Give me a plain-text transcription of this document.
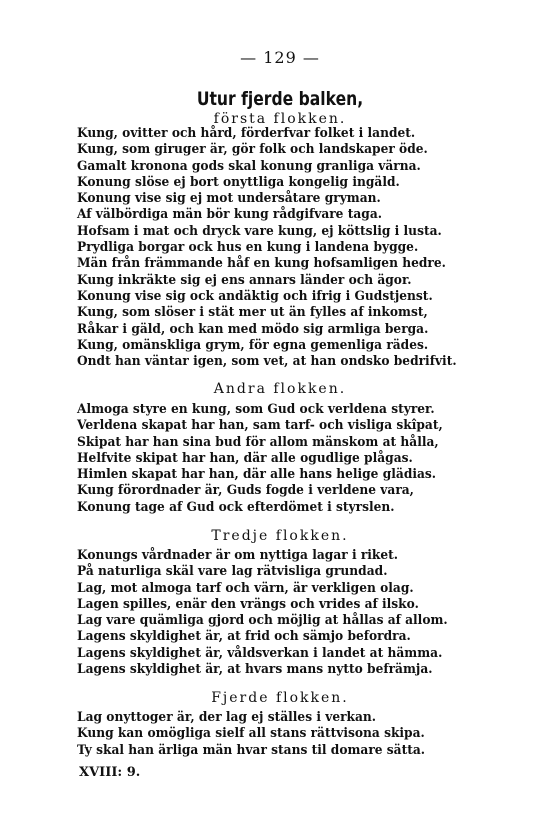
— 129 —
Utur fjerde balken,
första flokken.
Kung, ovitter och hård, förderfvar folket i landet.
Kung, som giruger är, gör folk och landskaper öde.
Gamalt kronona gods skal konung granliga värna.
Konung slöse ej bort onyttliga kongelig ingäld.
Konung vise sig ej mot undersåtare gryman.
Af välbördiga män bör kung rådgifvare taga.
Hofsam i mat och dryck vare kung, ej köttslig i lusta.
Prydliga borgar ock hus en kung i landena bygge.
Män från främmande håf en kung hofsamligen hedre.
Kung inkräkte sig ej ens annars länder och ägor.
Konung vise sig ock andäktig och ifrig i Gudstjenst.
Kung, som slöser i stät mer ut än fylles af inkomst,
Råkar i gäld, och kan med mödo sig armliga berga.
Kung, omänskliga grym, för egna gemenliga rädes.
Ondt han väntar igen, som vet, at han ondsko bedrifvit.
Andra flokken.
Almoga styre en kung, som Gud ock verldena styrer.
Verldena skapat har han, sam tarf- och visliga skîpat,
Skipat har han sina bud för allom mänskom at hålla,
Helfvite skipat har han, där alle ogudlige plågas.
Himlen skapat har han, där alle hans helige glädias.
Kung förordnader är, Guds fogde i verldene vara,
Konung tage af Gud ock efterdömet i styrslen.
Tredje flokken.
Konungs vårdnader är om nyttiga lagar i riket.
På naturliga skäl vare lag rätvisliga grundad.
Lag, mot almoga tarf och värn, är verkligen olag.
Lagen spilles, enär den vrängs och vrides af ilsko.
Lag vare quämliga gjord och möjlig at hållas af allom.
Lagens skyldighet är, at frid och sämjo befordra.
Lagens skyldighet är, våldsverkan i landet at hämma.
Lagens skyldighet är, at hvars mans nytto befrämja.
Fjerde flokken.
Lag onyttoger är, der lag ej ställes i verkan.
Kung kan omögliga sielf all stans rättvisona skipa.
Ty skal han ärliga män hvar stans til domare sätta.
XVIII: 9.
